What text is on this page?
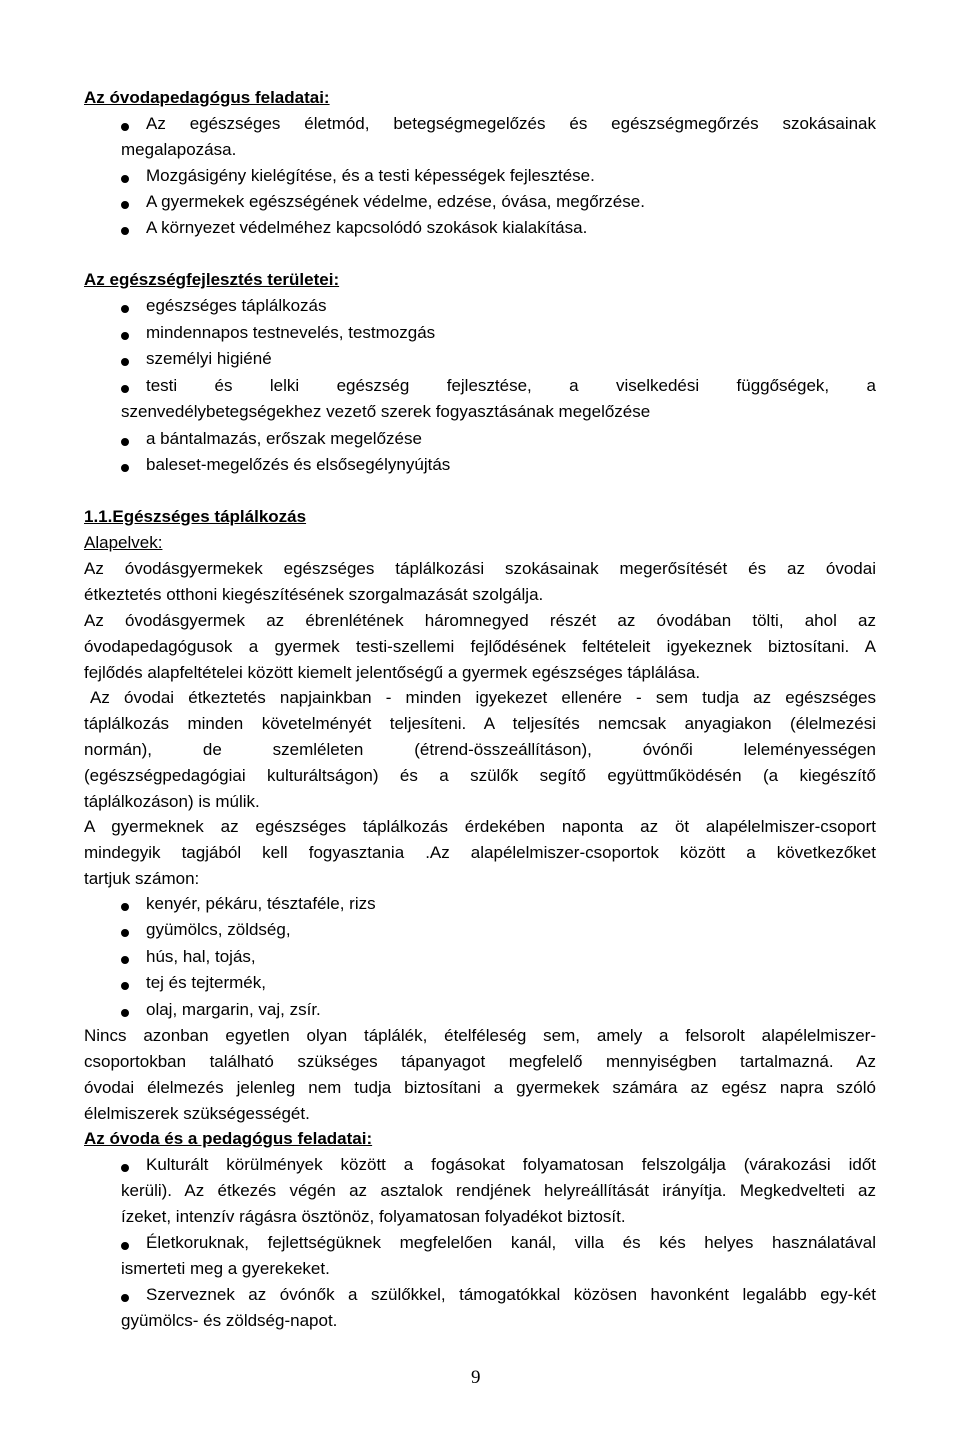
Az óvodapedagógus feladatai:
Az egészséges életmód, betegségmegelőzés és egészségmegőrzés szokásainak
megalapozása.
Mozgásigény kielégítése, és a testi képességek fejlesztése.
A gyermekek egészségének védelme, edzése, óvása, megőrzése.
A környezet védelméhez kapcsolódó szokások kialakítása.
Az egészségfejlesztés területei:
egészséges táplálkozás
mindennapos testnevelés, testmozgás
személyi higiéné
testi és lelki egészség fejlesztése, a viselkedési függőségek, a
szenvedélybetegségekhez vezető szerek fogyasztásának megelőzése
a bántalmazás, erőszak megelőzése
baleset-megelőzés és elsősegélynyújtás
1.1.Egészséges táplálkozás
Alapelvek:
Az óvodásgyermekek egészséges táplálkozási szokásainak megerősítését és az óvodai
étkeztetés otthoni kiegészítésének szorgalmazását szolgálja.
Az óvodásgyermek az ébrenlétének háromnegyed részét az óvodában tölti, ahol az
óvodapedagógusok a gyermek testi-szellemi fejlődésének feltételeit igyekeznek biztosítani. A
fejlődés alapfeltételei között kiemelt jelentőségű a gyermek egészséges táplálása.
Az óvodai étkeztetés napjainkban - minden igyekezet ellenére - sem tudja az egészséges
táplálkozás minden követelményét teljesíteni. A teljesítés nemcsak anyagiakon (élelmezési
normán), de szemléleten (étrend-összeállításon), óvónői leleményességen
(egészségpedagógiai kulturáltságon) és a szülők segítő együttműködésén (a kiegészítő
táplálkozáson) is múlik.
A gyermeknek az egészséges táplálkozás érdekében naponta az öt alapélelmiszer-csoport
mindegyik tagjából kell fogyasztania .Az alapélelmiszer-csoportok között a következőket
tartjuk számon:
kenyér, pékáru, tésztaféle, rizs
gyümölcs, zöldség,
hús, hal, tojás,
tej és tejtermék,
olaj, margarin, vaj, zsír.
Nincs azonban egyetlen olyan táplálék, ételféleség sem, amely a felsorolt alapélelmiszer-
csoportokban található szükséges tápanyagot megfelelő mennyiségben tartalmazná. Az
óvodai élelmezés jelenleg nem tudja biztosítani a gyermekek számára az egész napra szóló
élelmiszerek szükségességét.
Az óvoda és a pedagógus feladatai:
Kulturált körülmények között a fogásokat folyamatosan felszolgálja (várakozási időt
kerüli). Az étkezés végén az asztalok rendjének helyreállítását irányítja. Megkedvelteti az
ízeket, intenzív rágásra ösztönöz, folyamatosan folyadékot biztosít.
Életkoruknak, fejlettségüknek megfelelően kanál, villa és kés helyes használatával
ismerteti meg a gyerekeket.
Szerveznek az óvónők a szülőkkel, támogatókkal közösen havonként legalább egy-két
gyümölcs- és zöldség-napot.
9
